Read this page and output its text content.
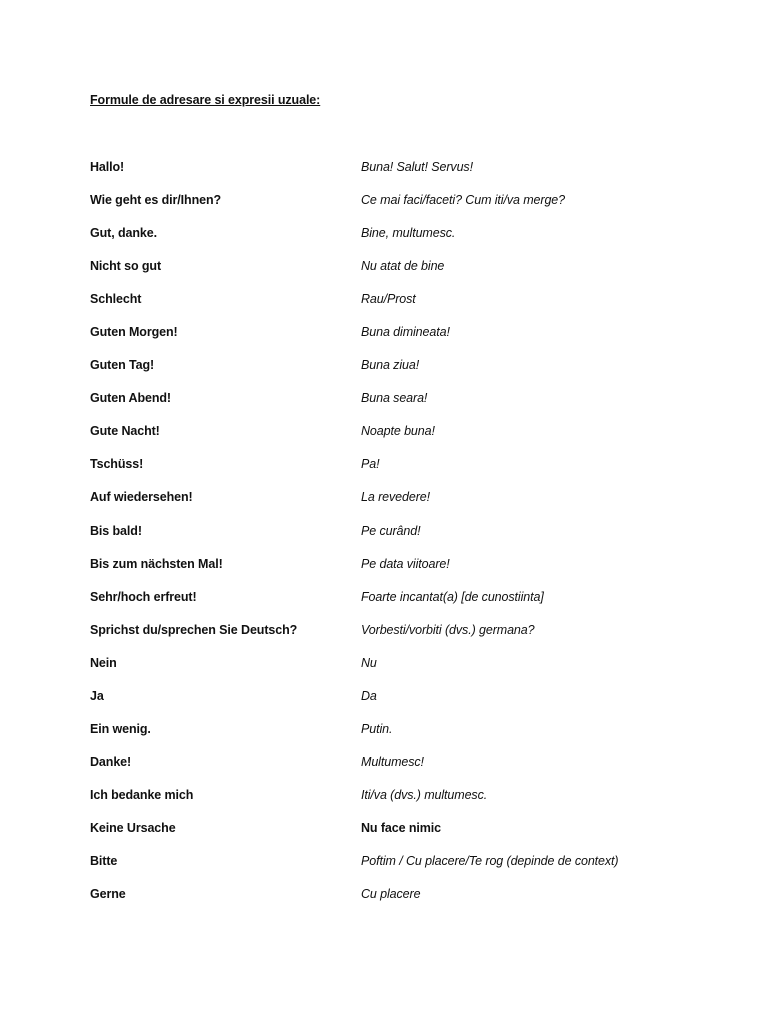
Formule de adresare si expresii uzuale:
Hallo!	Buna! Salut! Servus!
Wie geht es dir/Ihnen?	Ce mai faci/faceti? Cum iti/va merge?
Gut, danke.	Bine, multumesc.
Nicht so gut	Nu atat de bine
Schlecht	Rau/Prost
Guten Morgen!	Buna dimineata!
Guten Tag!	Buna ziua!
Guten Abend!	Buna seara!
Gute Nacht!	Noapte buna!
Tschüss!	Pa!
Auf wiedersehen!	La revedere!
Bis bald!	Pe curând!
Bis zum nächsten Mal!	Pe data viitoare!
Sehr/hoch erfreut!	Foarte incantat(a) [de cunostiinta]
Sprichst du/sprechen Sie Deutsch?	Vorbesti/vorbiti (dvs.) germana?
Nein	Nu
Ja	Da
Ein wenig.	Putin.
Danke!	Multumesc!
Ich bedanke mich	Iti/va (dvs.) multumesc.
Keine Ursache	Nu face nimic
Bitte	Poftim / Cu placere/Te rog (depinde de context)
Gerne	Cu placere
